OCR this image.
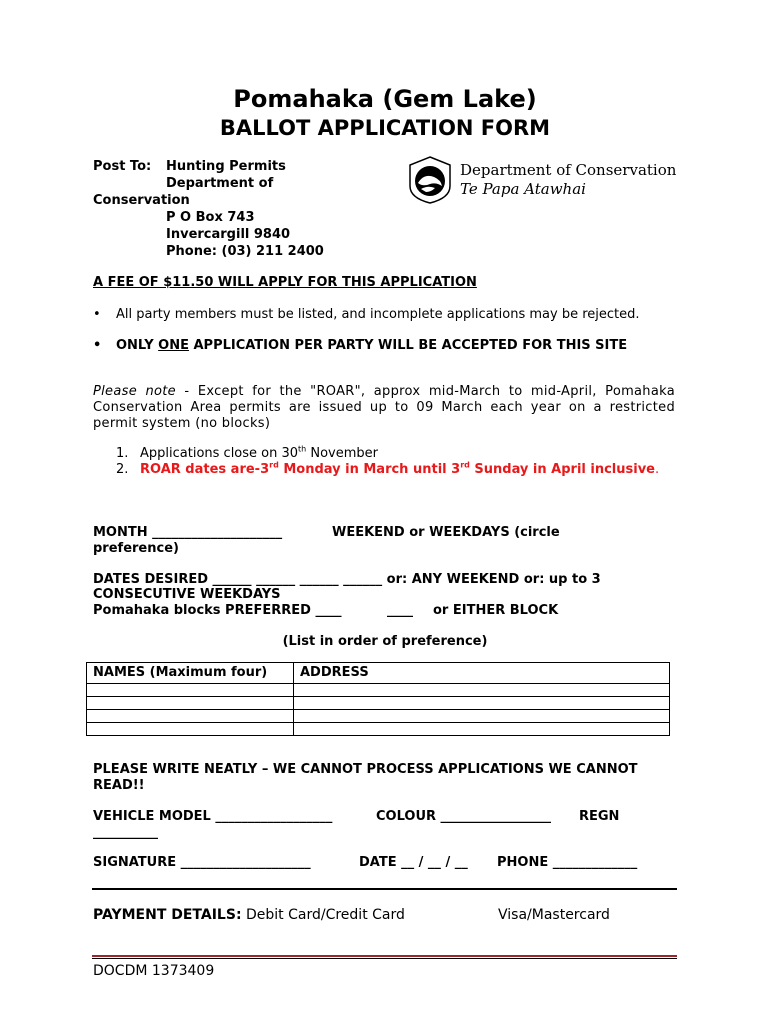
Pomahaka (Gem Lake)
BALLOT APPLICATION FORM
Post To:	Hunting Permits
Department of
Conservation
P O Box 743
Invercargill 9840
Phone: (03) 211 2400
Department of Conservation
Te Papa Atawhai
A FEE OF $11.50 WILL APPLY FOR THIS APPLICATION
• All party members must be listed, and incomplete applications may be rejected.
• ONLY ONE APPLICATION PER PARTY WILL BE ACCEPTED FOR THIS SITE
Please note - Except for the "ROAR", approx mid-March to mid-April, Pomahaka Conservation Area permits are issued up to 09 March each year on a restricted permit system (no blocks)
1. Applications close on 30th November
2. ROAR dates are-3rd Monday in March until 3rd Sunday in April inclusive.
MONTH ____________________	WEEKEND or WEEKDAYS (circle
preference)
DATES DESIRED ______ ______ ______ ______ or: ANY WEEKEND or: up to 3
CONSECUTIVE WEEKDAYS
Pomahaka blocks PREFERRED ____	____ or EITHER BLOCK
(List in order of preference)
NAMES (Maximum four)	ADDRESS

PLEASE WRITE NEATLY – WE CANNOT PROCESS APPLICATIONS WE CANNOT READ!!
VEHICLE MODEL __________________	COLOUR _________________ REGN
__________
SIGNATURE ____________________	DATE __ / __ / __ PHONE _____________
PAYMENT DETAILS: Debit Card/Credit Card	Visa/Mastercard
DOCDM 1373409
